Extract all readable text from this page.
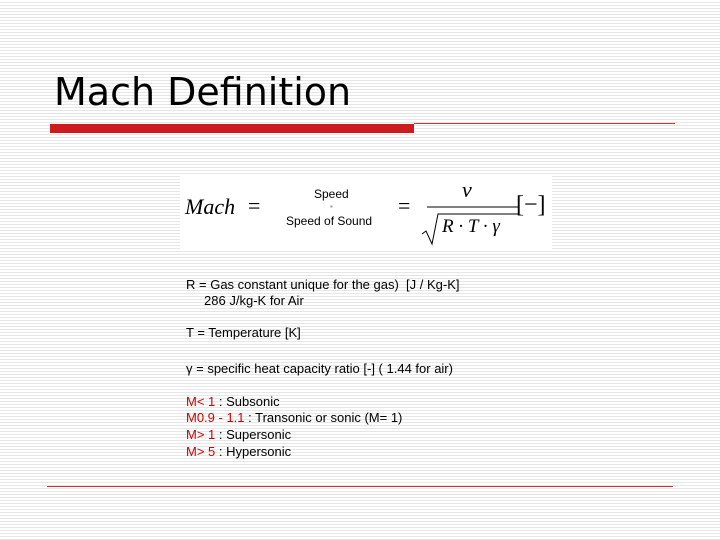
Mach Definition
Mach =	Speed
▪
Speed of Sound
=
v
R · T · γ
[−]
R = Gas constant unique for the gas)  [J / Kg-K]
286 J/kg-K for Air
T = Temperature [K]
γ = specific heat capacity ratio [-] ( 1.44 for air)
M< 1 : Subsonic
M0.9 - 1.1 : Transonic or sonic (M= 1)
M> 1 : Supersonic
M> 5 : Hypersonic
